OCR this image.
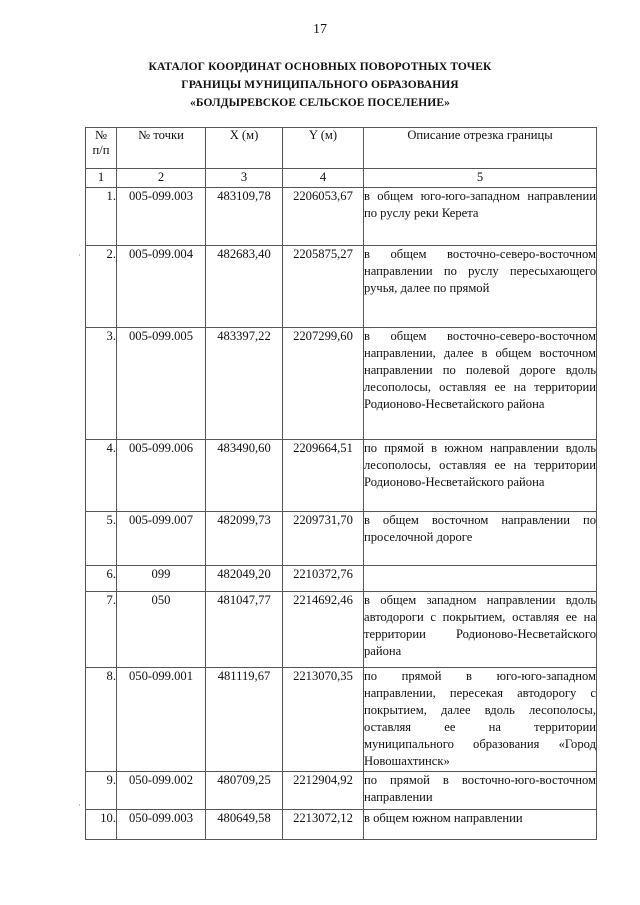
17
КАТАЛОГ КООРДИНАТ ОСНОВНЫХ ПОВОРОТНЫХ ТОЧЕК
ГРАНИЦЫ МУНИЦИПАЛЬНОГО ОБРАЗОВАНИЯ
«БОЛДЫРЕВСКОЕ СЕЛЬСКОЕ ПОСЕЛЕНИЕ»
·
·
№
п/п	№ точки	X (м)	Y (м)	Описание отрезка границы
1	2	3	4	5
1.	005-099.003	483109,78	2206053,67	в общем юго-юго-западном направлении по руслу реки Керета
2.	005-099.004	482683,40	2205875,27	в общем восточно-северо-восточном направлении по руслу пересыхающего ручья, далее по прямой
3.	005-099.005	483397,22	2207299,60	в общем восточно-северо-восточном направлении, далее в общем восточном направлении по полевой дороге вдоль лесополосы, оставляя ее на территории Родионово-Несветайского района
4.	005-099.006	483490,60	2209664,51	по прямой в южном направлении вдоль лесополосы, оставляя ее на территории Родионово-Несветайского района
5.	005-099.007	482099,73	2209731,70	в общем восточном направлении по проселочной дороге
6.	099	482049,20	2210372,76	
7.	050	481047,77	2214692,46	в общем западном направлении вдоль автодороги с покрытием, оставляя ее на территории Родионово-Несветайского района
8.	050-099.001	481119,67	2213070,35	по прямой в юго-юго-западном направлении, пересекая автодорогу с покрытием, далее вдоль лесополосы, оставляя ее на территории муниципального образования «Город Новошахтинск»
9.	050-099.002	480709,25	2212904,92	по прямой в восточно-юго-восточном направлении
10.	050-099.003	480649,58	2213072,12	в общем южном направлении
